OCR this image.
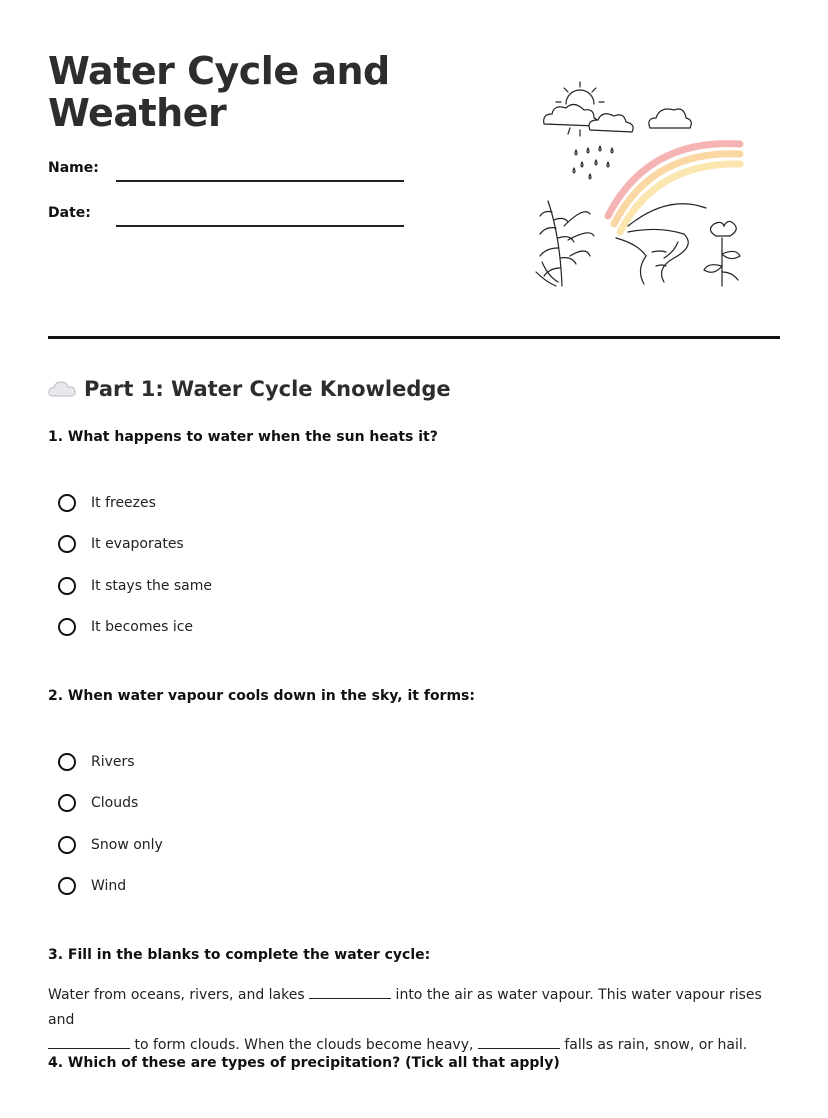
Water Cycle and
Weather
Name:
Date:
Part 1: Water Cycle Knowledge
1. What happens to water when the sun heats it?
It freezes
It evaporates
It stays the same
It becomes ice
2. When water vapour cools down in the sky, it forms:
Rivers
Clouds
Snow only
Wind
3. Fill in the blanks to complete the water cycle:
Water from oceans, rivers, and lakes	into the air as water vapour. This water vapour rises and
to form clouds. When the clouds become heavy,	falls as rain, snow, or hail.
4. Which of these are types of precipitation? (Tick all that apply)
